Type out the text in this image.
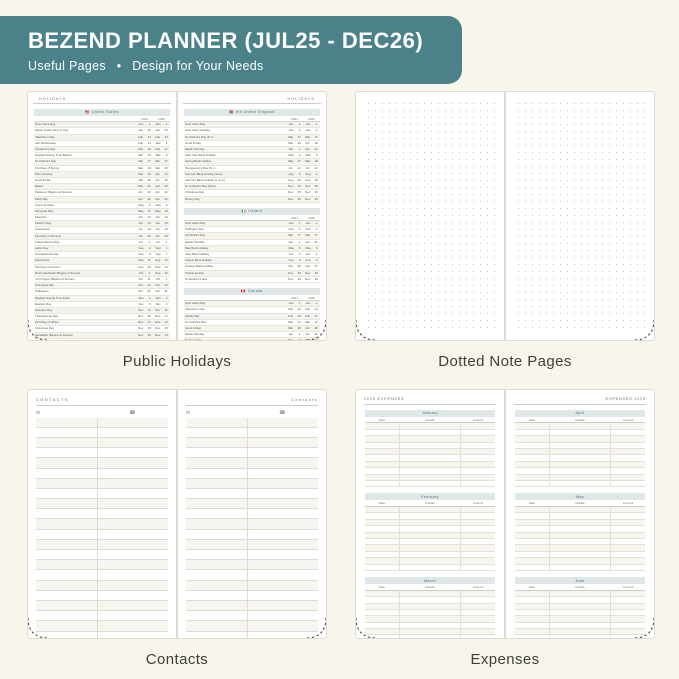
BEZEND PLANNER (JUL25 - DEC26)
Useful Pages • Design for Your Needs
HOLIDAYS
🇺🇸 United States
2024	2025
New Year's Day	Jan 1 Jan 1
Martin Luther King Jr. Day	Jan 15 Jan 20
Valentine's Day	Feb 14 Feb 14
Ash Wednesday	Feb 14 Mar 5
President's Day	Feb 19 Feb 17
Daylight Saving Time Begins	Mar 10 Mar 9
St. Patrick's Day	Mar 17 Mar 17
First Day of Spring	Mar 19 Mar 20
Palm Sunday	Mar 24 Apr 13
Good Friday	Mar 29 Apr 18
Easter	Mar 31 Apr 20
Passover (Begins at Sunset)	Apr 22 Apr 12
Earth Day	Apr 22 Apr 22
Cinco de Mayo	May 5 May 5
Memorial Day	May 27 May 26
Flag Day	Jun 14 Jun 14
Father's Day	Jun 16 Jun 15
Juneteenth	Jun 19 Jun 19
First Day of Summer	Jun 20 Jun 20
Independence Day	Jul 4 Jul 4
Labor Day	Sep 2 Sep 1
Grandparents Day	Sep 8 Sep 7
Patriot Day	Sep 11 Sep 11
First Day of Autumn	Sep 22 Sep 22
Rosh Hashanah (Begins at Sunset)	Oct 2 Sep 22
Yom Kippur (Begins at Sunset)	Oct 11 Oct 1
Columbus Day	Oct 14 Oct 13
Halloween	Oct 31 Oct 31
Daylight Saving Time Ends	Nov 3 Nov 2
Election Day	Nov 5 Nov 4
Veterans Day	Nov 11 Nov 11
Thanksgiving Day	Nov 28 Nov 27
First Day of Winter	Dec 21 Dec 21
Christmas Day	Dec 25 Dec 25
Hanukkah (Begins at Sunset)	Dec 25 Dec 14
Kwanzaa Begins	Dec 26 Dec 26
HOLIDAYS
🇬🇧 the United Kingdom
2024	2025
New Year's Day	Jan 1 Jan 1
New Year's Holiday	Jan 2 Jan 2
St. Patrick's Day (N.I.)	Mar 17 Mar 17
Good Friday	Mar 29 Apr 18
Easter Monday	Apr 1 Apr 21
Early May Bank Holiday	May 6 May 5
Spring Bank Holiday	May 27 May 26
Orangemen's Day (N.I.)	Jul 12 Jul 12
Summer Bank Holiday (Scot.)	Aug 5 Aug 4
Summer Bank Holiday (e. & w.)	Aug 26 Aug 25
St. Andrew's Day (Scot.)	Nov 30 Nov 30
Christmas Day	Dec 25 Dec 25
Boxing Day	Dec 26 Dec 26
🇮🇪 Ireland
2024	2025
New Year's Day	Jan 1 Jan 1
St Brigid's Day	Feb 5 Feb 2
St Patrick's Day	Mar 17 Mar 17
Easter Monday	Apr 1 Apr 21
May Bank Holiday	May 6 May 5
June Bank Holiday	Jun 3 Jun 2
August Bank Holiday	Aug 5 Aug 4
October Bank Holiday	Oct 28 Oct 27
Christmas Day	Dec 25 Dec 25
St Stephen's Day	Dec 26 Dec 26
🇨🇦 Canada
2024	2025
New Year's Day	Jan 1 Jan 1
Valentine's Day	Feb 14 Feb 14
Family Day	Feb 19 Feb 17
St. Patrick's Day	Mar 17 Mar 17
Good Friday	Mar 29 Apr 18
Easter Monday	Apr 1 Apr 21
Mother's Day	May 12 May 11
Public Holidays	Dotted Note Pages
CONTACTS
✉	☎
Contacts
✉	☎
Contacts
2025 EXPENSES
January
Date	Details	Amount
February
Date	Details	Amount
March
Date	Details	Amount
EXPENSES 2025
April
Date	Details	Amount
May
Date	Details	Amount
June
Date	Details	Amount
Expenses
